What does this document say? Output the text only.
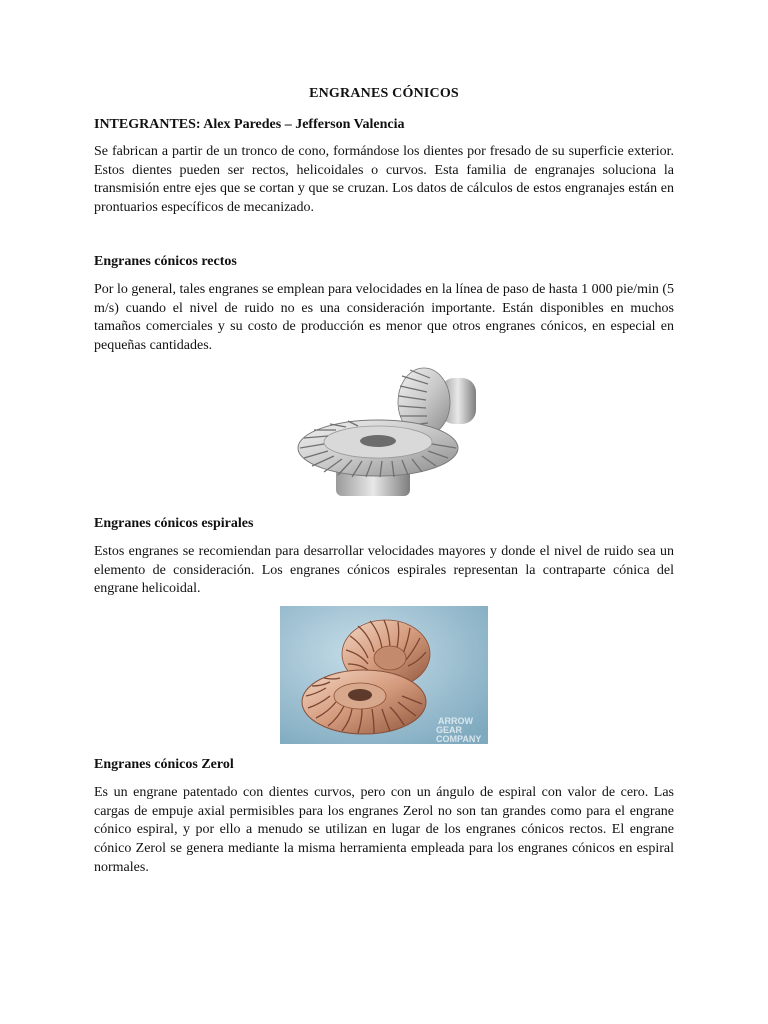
ENGRANES CÓNICOS
INTEGRANTES: Alex Paredes – Jefferson Valencia
Se fabrican a partir de un tronco de cono, formándose los dientes por fresado de su superficie exterior. Estos dientes pueden ser rectos, helicoidales o curvos. Esta familia de engranajes soluciona la transmisión entre ejes que se cortan y que se cruzan. Los datos de cálculos de estos engranajes están en prontuarios específicos de mecanizado.
Engranes cónicos rectos
Por lo general, tales engranes se emplean para velocidades en la línea de paso de hasta 1 000 pie/min (5 m/s) cuando el nivel de ruido no es una consideración importante. Están disponibles en muchos tamaños comerciales y su costo de producción es menor que otros engranes cónicos, en especial en pequeñas cantidades.
Engranes cónicos espirales
Estos engranes se recomiendan para desarrollar velocidades mayores y donde el nivel de ruido sea un elemento de consideración. Los engranes cónicos espirales representan la contraparte cónica del engrane helicoidal.
ARROW
GEAR
COMPANY
Engranes cónicos Zerol
Es un engrane patentado con dientes curvos, pero con un ángulo de espiral con valor de cero. Las cargas de empuje axial permisibles para los engranes Zerol no son tan grandes como para el engrane cónico espiral, y por ello a menudo se utilizan en lugar de los engranes cónicos rectos. El engrane cónico Zerol se genera mediante la misma herramienta empleada para los engranes cónicos en espiral normales.
